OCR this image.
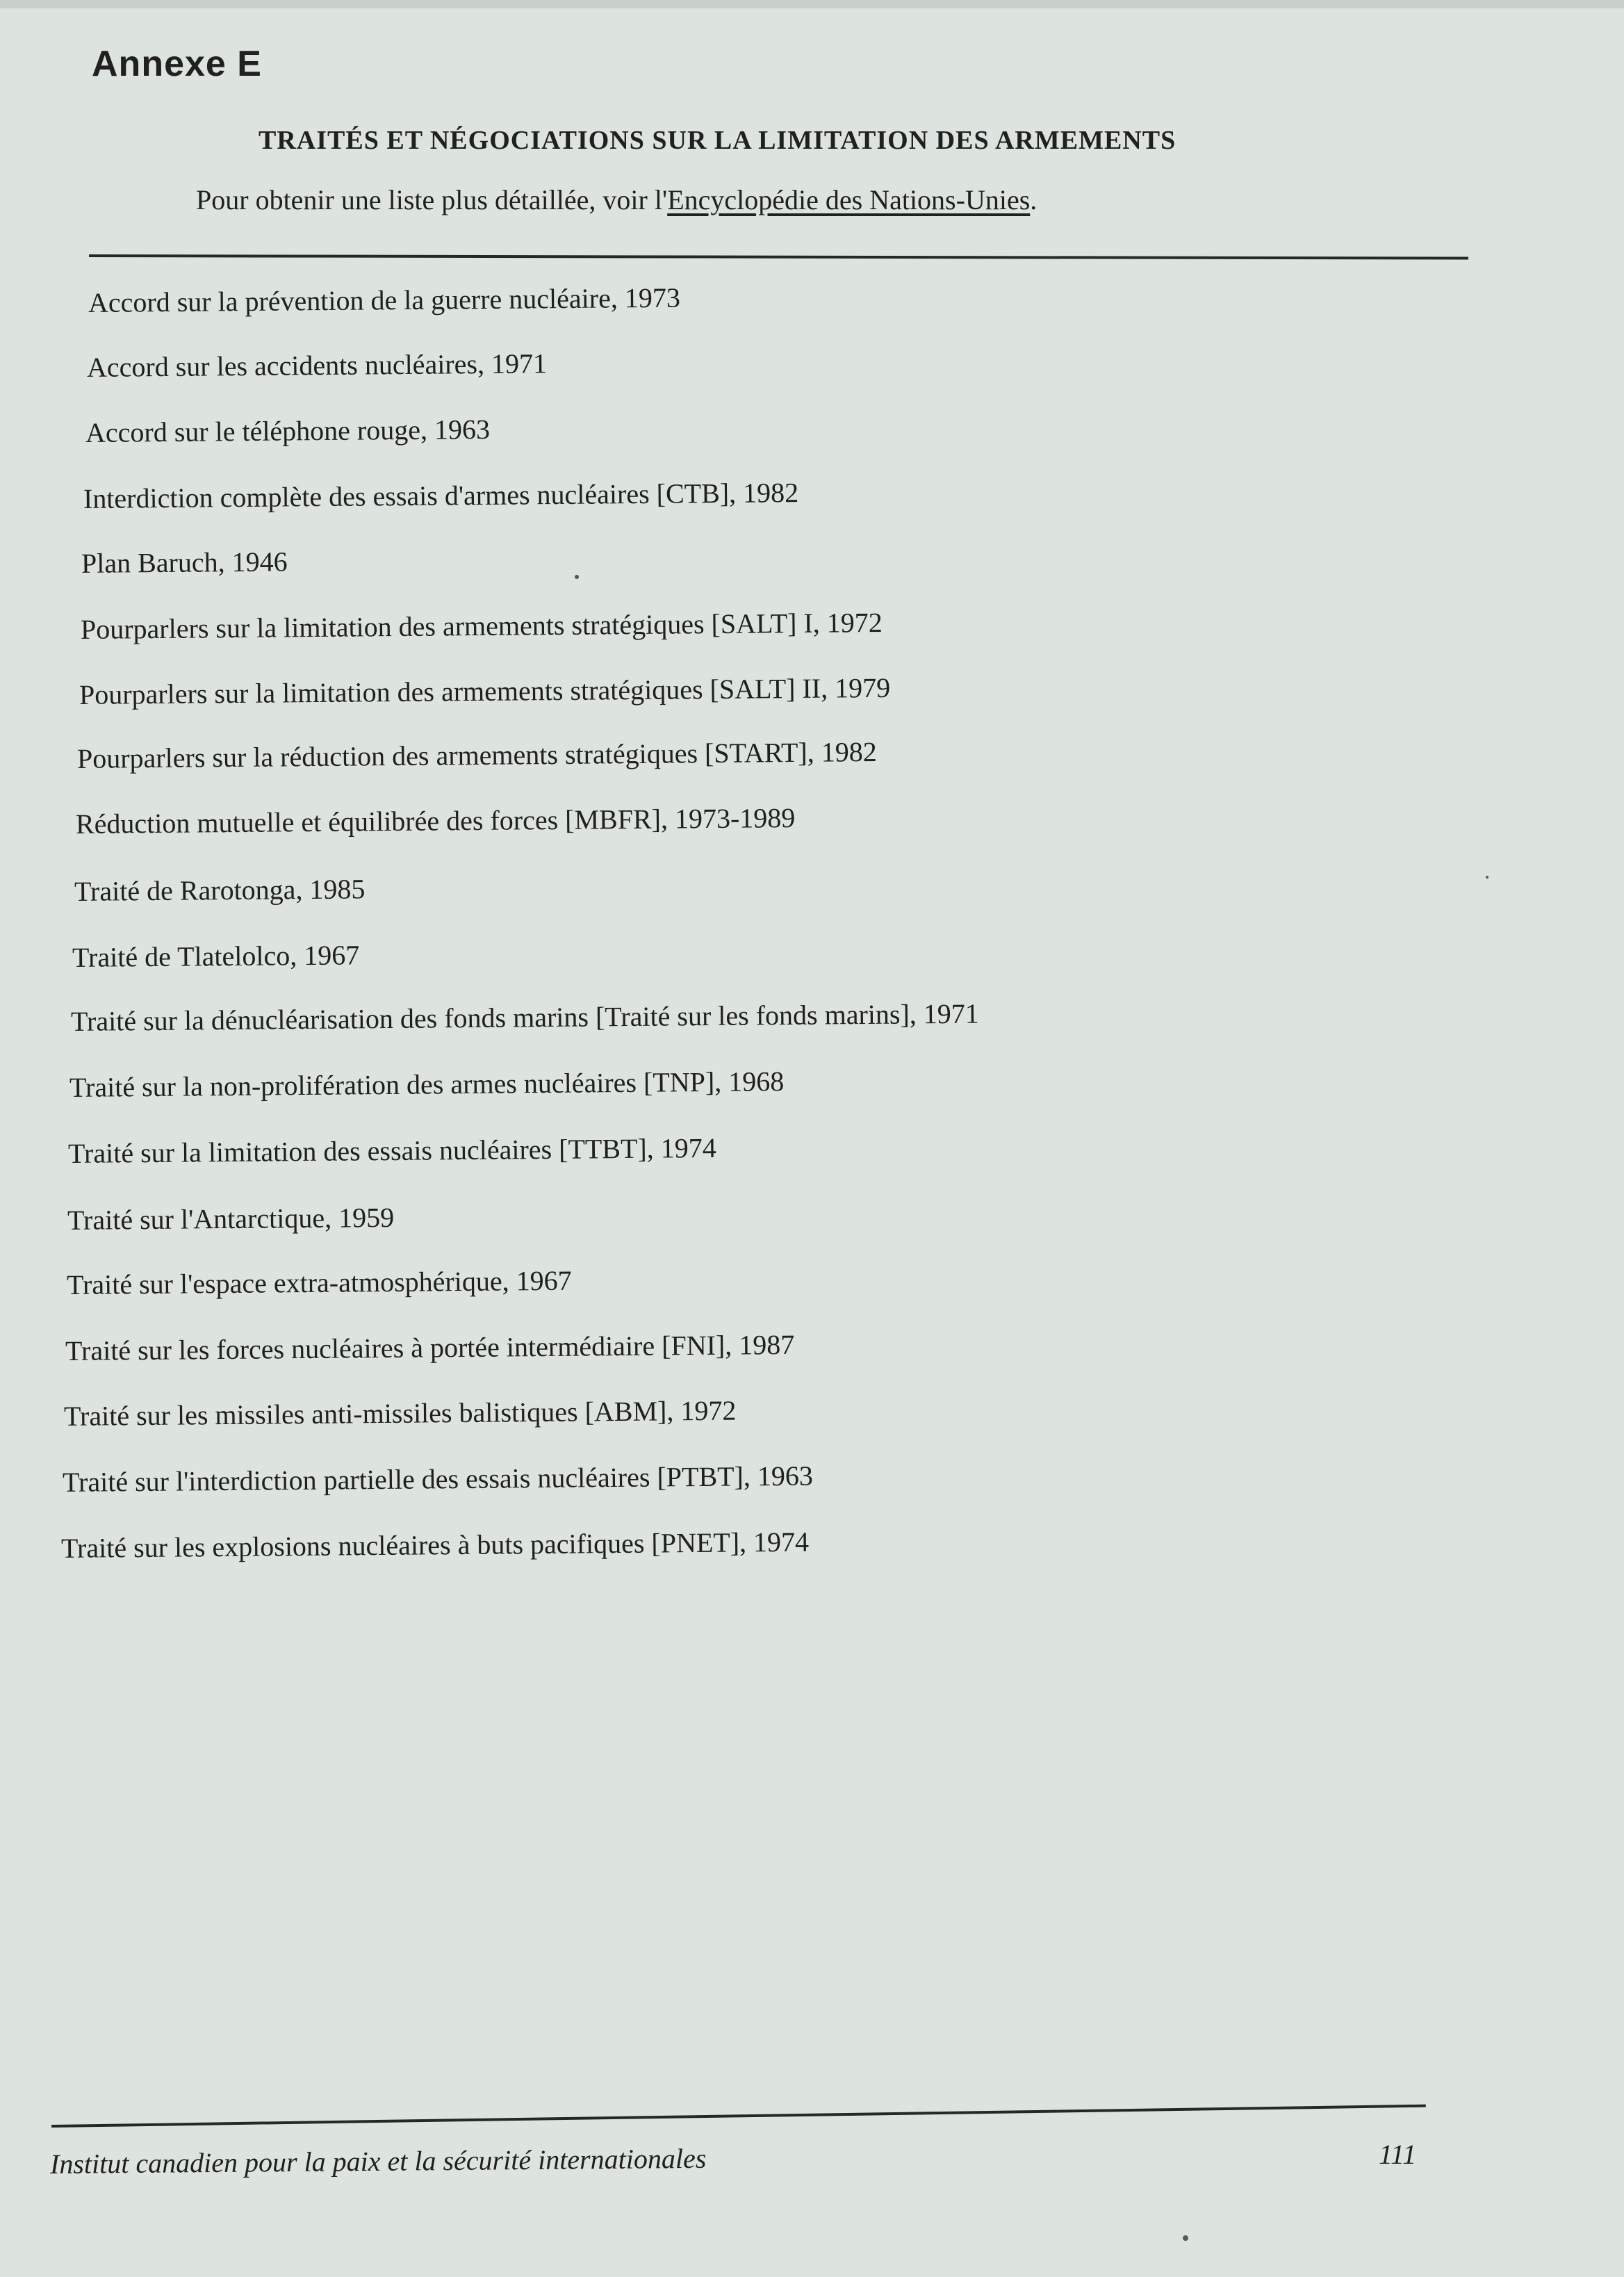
Annexe E
TRAITÉS ET NÉGOCIATIONS SUR LA LIMITATION DES ARMEMENTS
Pour obtenir une liste plus détaillée, voir l'Encyclopédie des Nations-Unies.
Accord sur la prévention de la guerre nucléaire, 1973
Accord sur les accidents nucléaires, 1971
Accord sur le téléphone rouge, 1963
Interdiction complète des essais d'armes nucléaires [CTB], 1982
Plan Baruch, 1946
Pourparlers sur la limitation des armements stratégiques [SALT] I, 1972
Pourparlers sur la limitation des armements stratégiques [SALT] II, 1979
Pourparlers sur la réduction des armements stratégiques [START], 1982
Réduction mutuelle et équilibrée des forces [MBFR], 1973-1989
Traité de Rarotonga, 1985
Traité de Tlatelolco, 1967
Traité sur la dénucléarisation des fonds marins [Traité sur les fonds marins], 1971
Traité sur la non-prolifération des armes nucléaires [TNP], 1968
Traité sur la limitation des essais nucléaires [TTBT], 1974
Traité sur l'Antarctique, 1959
Traité sur l'espace extra-atmosphérique, 1967
Traité sur les forces nucléaires à portée intermédiaire [FNI], 1987
Traité sur les missiles anti-missiles balistiques [ABM], 1972
Traité sur l'interdiction partielle des essais nucléaires [PTBT], 1963
Traité sur les explosions nucléaires à buts pacifiques [PNET], 1974
Institut canadien pour la paix et la sécurité internationales	111
